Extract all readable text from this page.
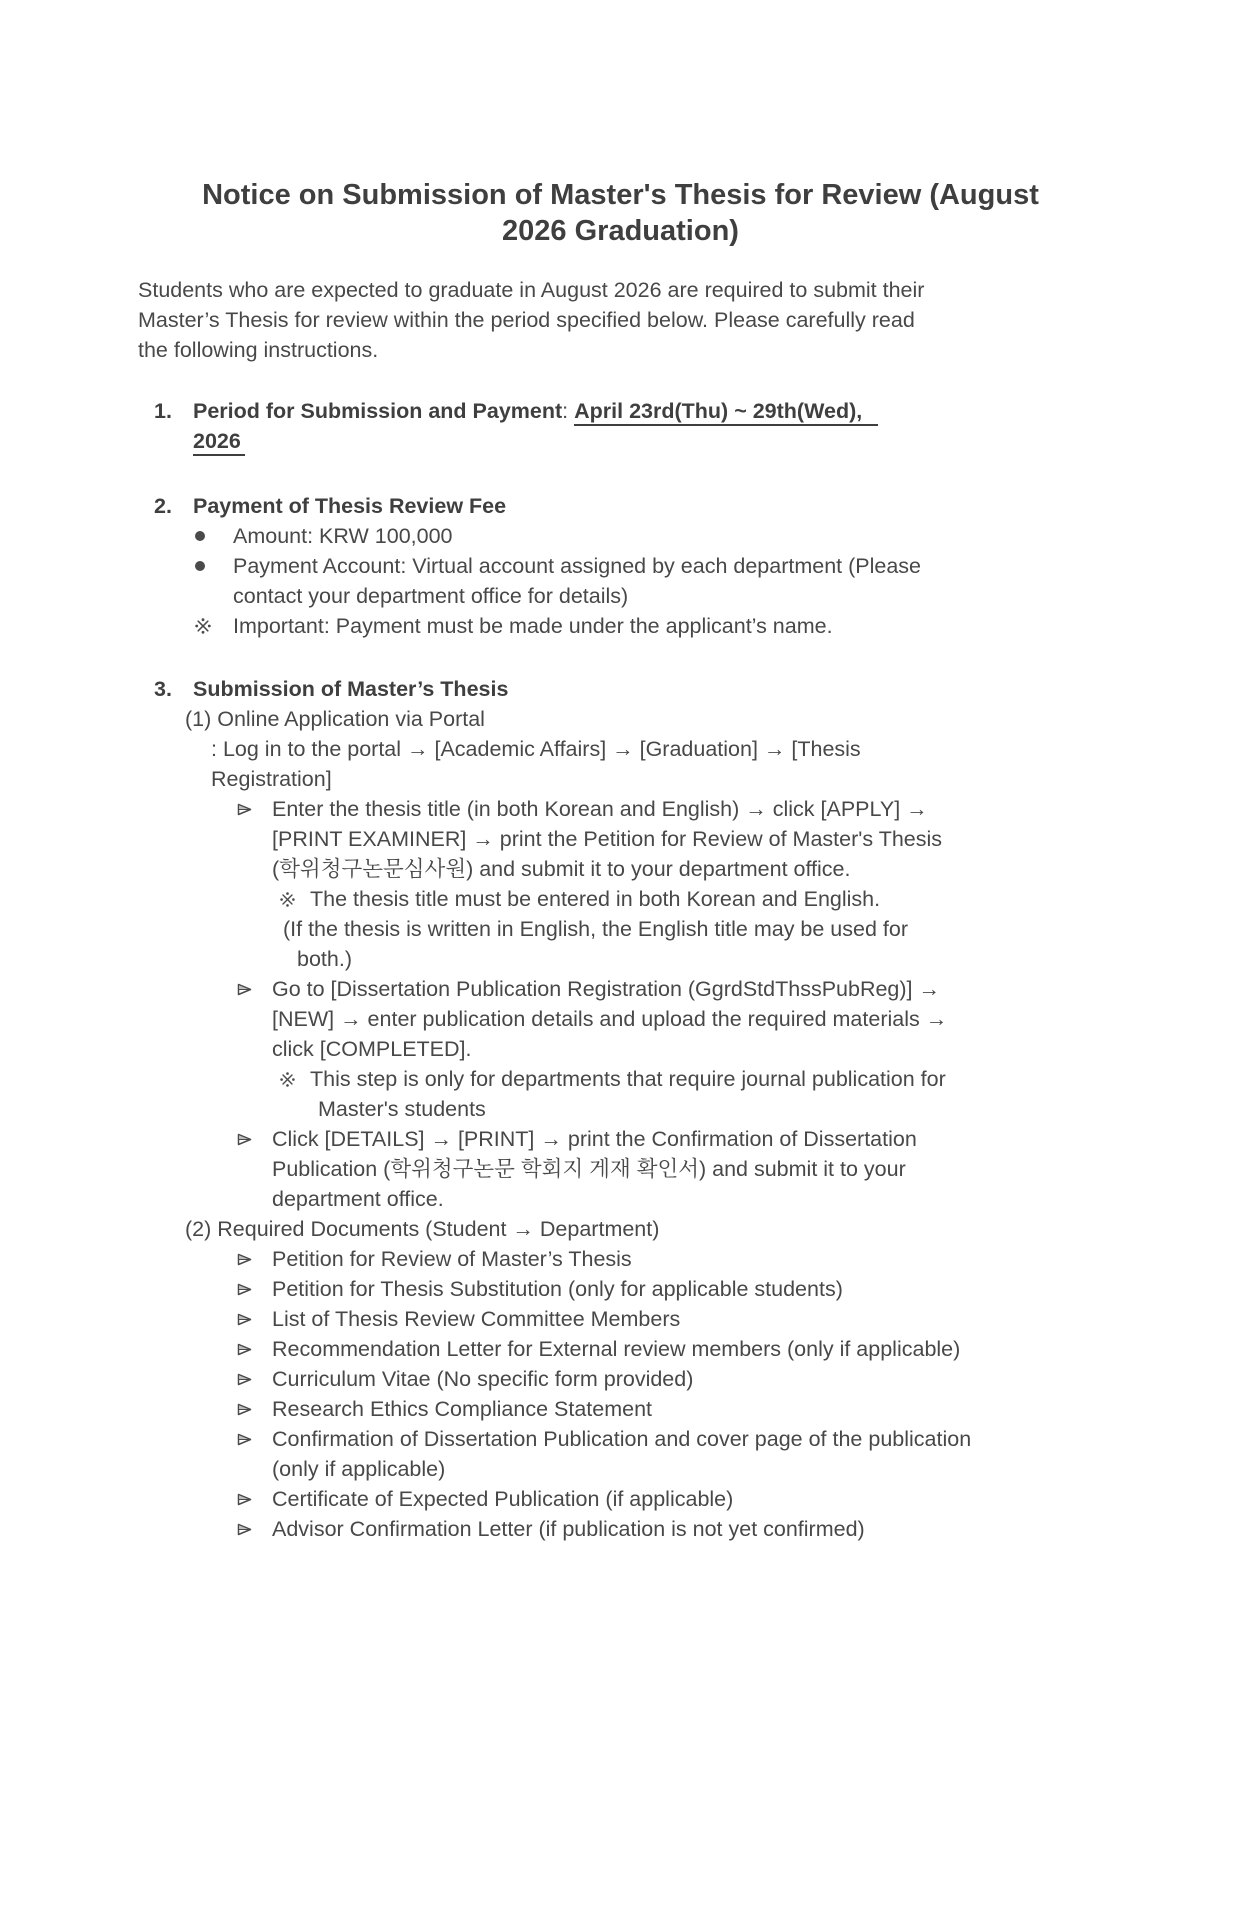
Notice on Submission of Master's Thesis for Review (August
2026 Graduation)
Students who are expected to graduate in August 2026 are required to submit their
Master’s Thesis for review within the period specified below. Please carefully read
the following instructions.
1. Period for Submission and Payment: April 23rd(Thu) ~ 29th(Wed),
2026
2. Payment of Thesis Review Fee
Amount: KRW 100,000
Payment Account: Virtual account assigned by each department (Please
contact your department office for details)
Important: Payment must be made under the applicant’s name.
3. Submission of Master’s Thesis
(1) Online Application via Portal
: Log in to the portal → [Academic Affairs] → [Graduation] → [Thesis
Registration]
Enter the thesis title (in both Korean and English) → click [APPLY] →
[PRINT EXAMINER] → print the Petition for Review of Master's Thesis
(학위청구논문심사원) and submit it to your department office.
The thesis title must be entered in both Korean and English.
(If the thesis is written in English, the English title may be used for
both.)
Go to [Dissertation Publication Registration (GgrdStdThssPubReg)] →
[NEW] → enter publication details and upload the required materials →
click [COMPLETED].
This step is only for departments that require journal publication for
Master's students
Click [DETAILS] → [PRINT] → print the Confirmation of Dissertation
Publication (학위청구논문 학회지 게재 확인서) and submit it to your
department office.
(2) Required Documents (Student → Department)
Petition for Review of Master’s Thesis
Petition for Thesis Substitution (only for applicable students)
List of Thesis Review Committee Members
Recommendation Letter for External review members (only if applicable)
Curriculum Vitae (No specific form provided)
Research Ethics Compliance Statement
Confirmation of Dissertation Publication and cover page of the publication
(only if applicable)
Certificate of Expected Publication (if applicable)
Advisor Confirmation Letter (if publication is not yet confirmed)
